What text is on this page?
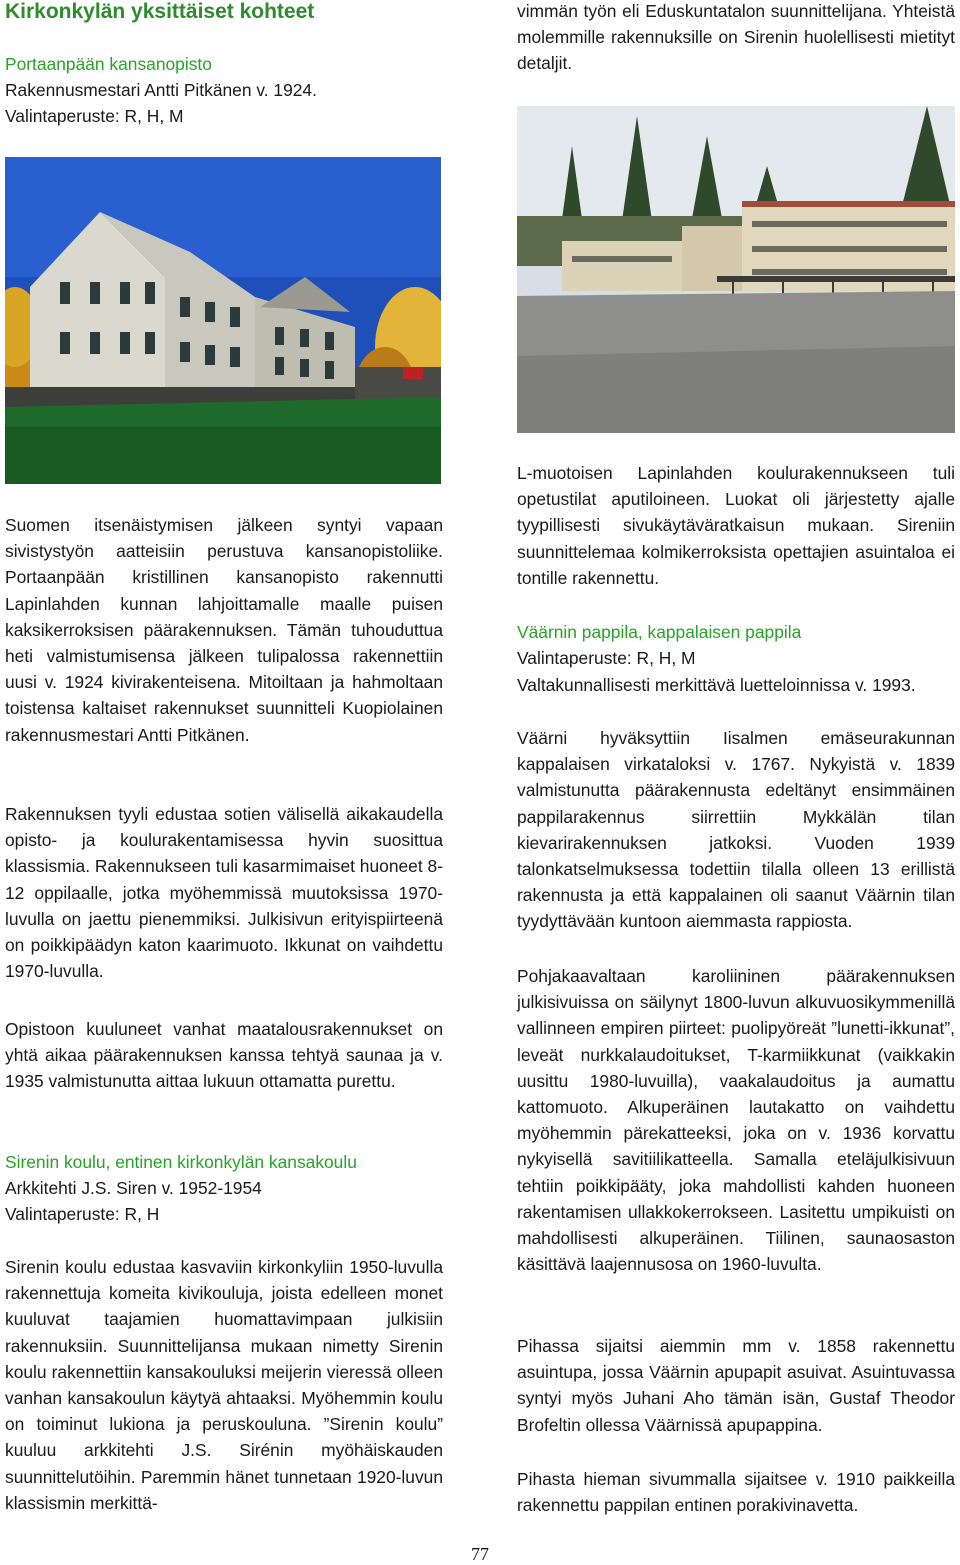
Kirkonkylän yksittäiset kohteet
Portaanpään kansanopisto
Rakennusmestari Antti Pitkänen v. 1924.
Valintaperuste: R, H, M

Suomen itsenäistymisen jälkeen syntyi vapaan sivistystyön aatteisiin perustuva kansanopistoliike. Portaanpään kristillinen kansanopisto rakennutti Lapinlahden kunnan lahjoittamalle maalle puisen kaksikerroksisen päärakennuksen. Tämän tuhouduttua heti valmistumisensa jälkeen tulipalossa rakennettiin uusi v. 1924 kivirakenteisena. Mitoiltaan ja hahmoltaan toistensa kaltaiset rakennukset suunnitteli Kuopiolainen rakennusmestari Antti Pitkänen.

Rakennuksen tyyli edustaa sotien välisellä aikakaudella opisto- ja koulurakentamisessa hyvin suosittua klassismia. Rakennukseen tuli kasarmimaiset huoneet 8-12 oppilaalle, jotka myöhemmissä muutoksissa 1970-luvulla on jaettu pienemmiksi. Julkisivun erityispiirteenä on poikkipäädyn katon kaarimuoto. Ikkunat on vaihdettu 1970-luvulla.

Opistoon kuuluneet vanhat maatalousrakennukset on yhtä aikaa päärakennuksen kanssa tehtyä saunaa ja v. 1935 valmistunutta aittaa lukuun ottamatta purettu.

Sirenin koulu, entinen kirkonkylän kansakoulu
Arkkitehti J.S. Siren v. 1952-1954
Valintaperuste: R, H

Sirenin koulu edustaa kasvaviin kirkonkyliin 1950-luvulla rakennettuja komeita kivikouluja, joista edelleen monet kuuluvat taajamien huomattavimpaan julkisiin rakennuksiin. Suunnittelijansa mukaan nimetty Sirenin koulu rakennettiin kansakouluksi meijerin vieressä olleen vanhan kansakoulun käytyä ahtaaksi. Myöhemmin koulu on toiminut lukiona ja peruskouluna. ”Sirenin koulu” kuuluu arkkitehti J.S. Sirénin myöhäiskauden suunnittelutöihin. Paremmin hänet tunnetaan 1920-luvun klassismin merkittä-

vimmän työn eli Eduskuntatalon suunnittelijana. Yhteistä molemmille rakennuksille on Sirenin huolellisesti mietityt detaljit.

L-muotoisen Lapinlahden koulurakennukseen tuli opetustilat aputiloineen. Luokat oli järjestetty ajalle tyypillisesti sivukäytäväratkaisun mukaan. Sireniin suunnittelemaa kolmikerroksista opettajien asuintaloa ei tontille rakennettu.

Väärnin pappila, kappalaisen pappila
Valintaperuste: R, H, M
Valtakunnallisesti merkittävä luetteloinnissa v. 1993.

Väärni hyväksyttiin Iisalmen emäseurakunnan kappalaisen virkataloksi v. 1767. Nykyistä v. 1839 valmistunutta päärakennusta edeltänyt ensimmäinen pappilarakennus siirrettiin Mykkälän tilan kievarirakennuksen jatkoksi. Vuoden 1939 talonkatselmuksessa todettiin tilalla olleen 13 erillistä rakennusta ja että kappalainen oli saanut Väärnin tilan tyydyttävään kuntoon aiemmasta rappiosta.

Pohjakaavaltaan karoliininen päärakennuksen julkisivuissa on säilynyt 1800-luvun alkuvuosikymmenillä vallinneen empiren piirteet: puolipyöreät ”lunetti-ikkunat”, leveät nurkkalaudoitukset, T-karmiikkunat (vaikkakin uusittu 1980-luvuilla), vaakalaudoitus ja aumattu kattomuoto. Alkuperäinen lautakatto on vaihdettu myöhemmin pärekatteeksi, joka on v. 1936 korvattu nykyisellä savitiilikatteella. Samalla eteläjulkisivuun tehtiin poikkipääty, joka mahdollisti kahden huoneen rakentamisen ullakkokerrokseen. Lasitettu umpikuisti on mahdollisesti alkuperäinen. Tiilinen, saunaosaston käsittävä laajennusosa on 1960-luvulta.

Pihassa sijaitsi aiemmin mm v. 1858 rakennettu asuintupa, jossa Väärnin apupapit asuivat. Asuintuvassa syntyi myös Juhani Aho tämän isän, Gustaf Theodor Brofeltin ollessa Väärnissä apupappina.

Pihasta hieman sivummalla sijaitsee v. 1910 paikkeilla rakennettu pappilan entinen porakivinavetta.

77
